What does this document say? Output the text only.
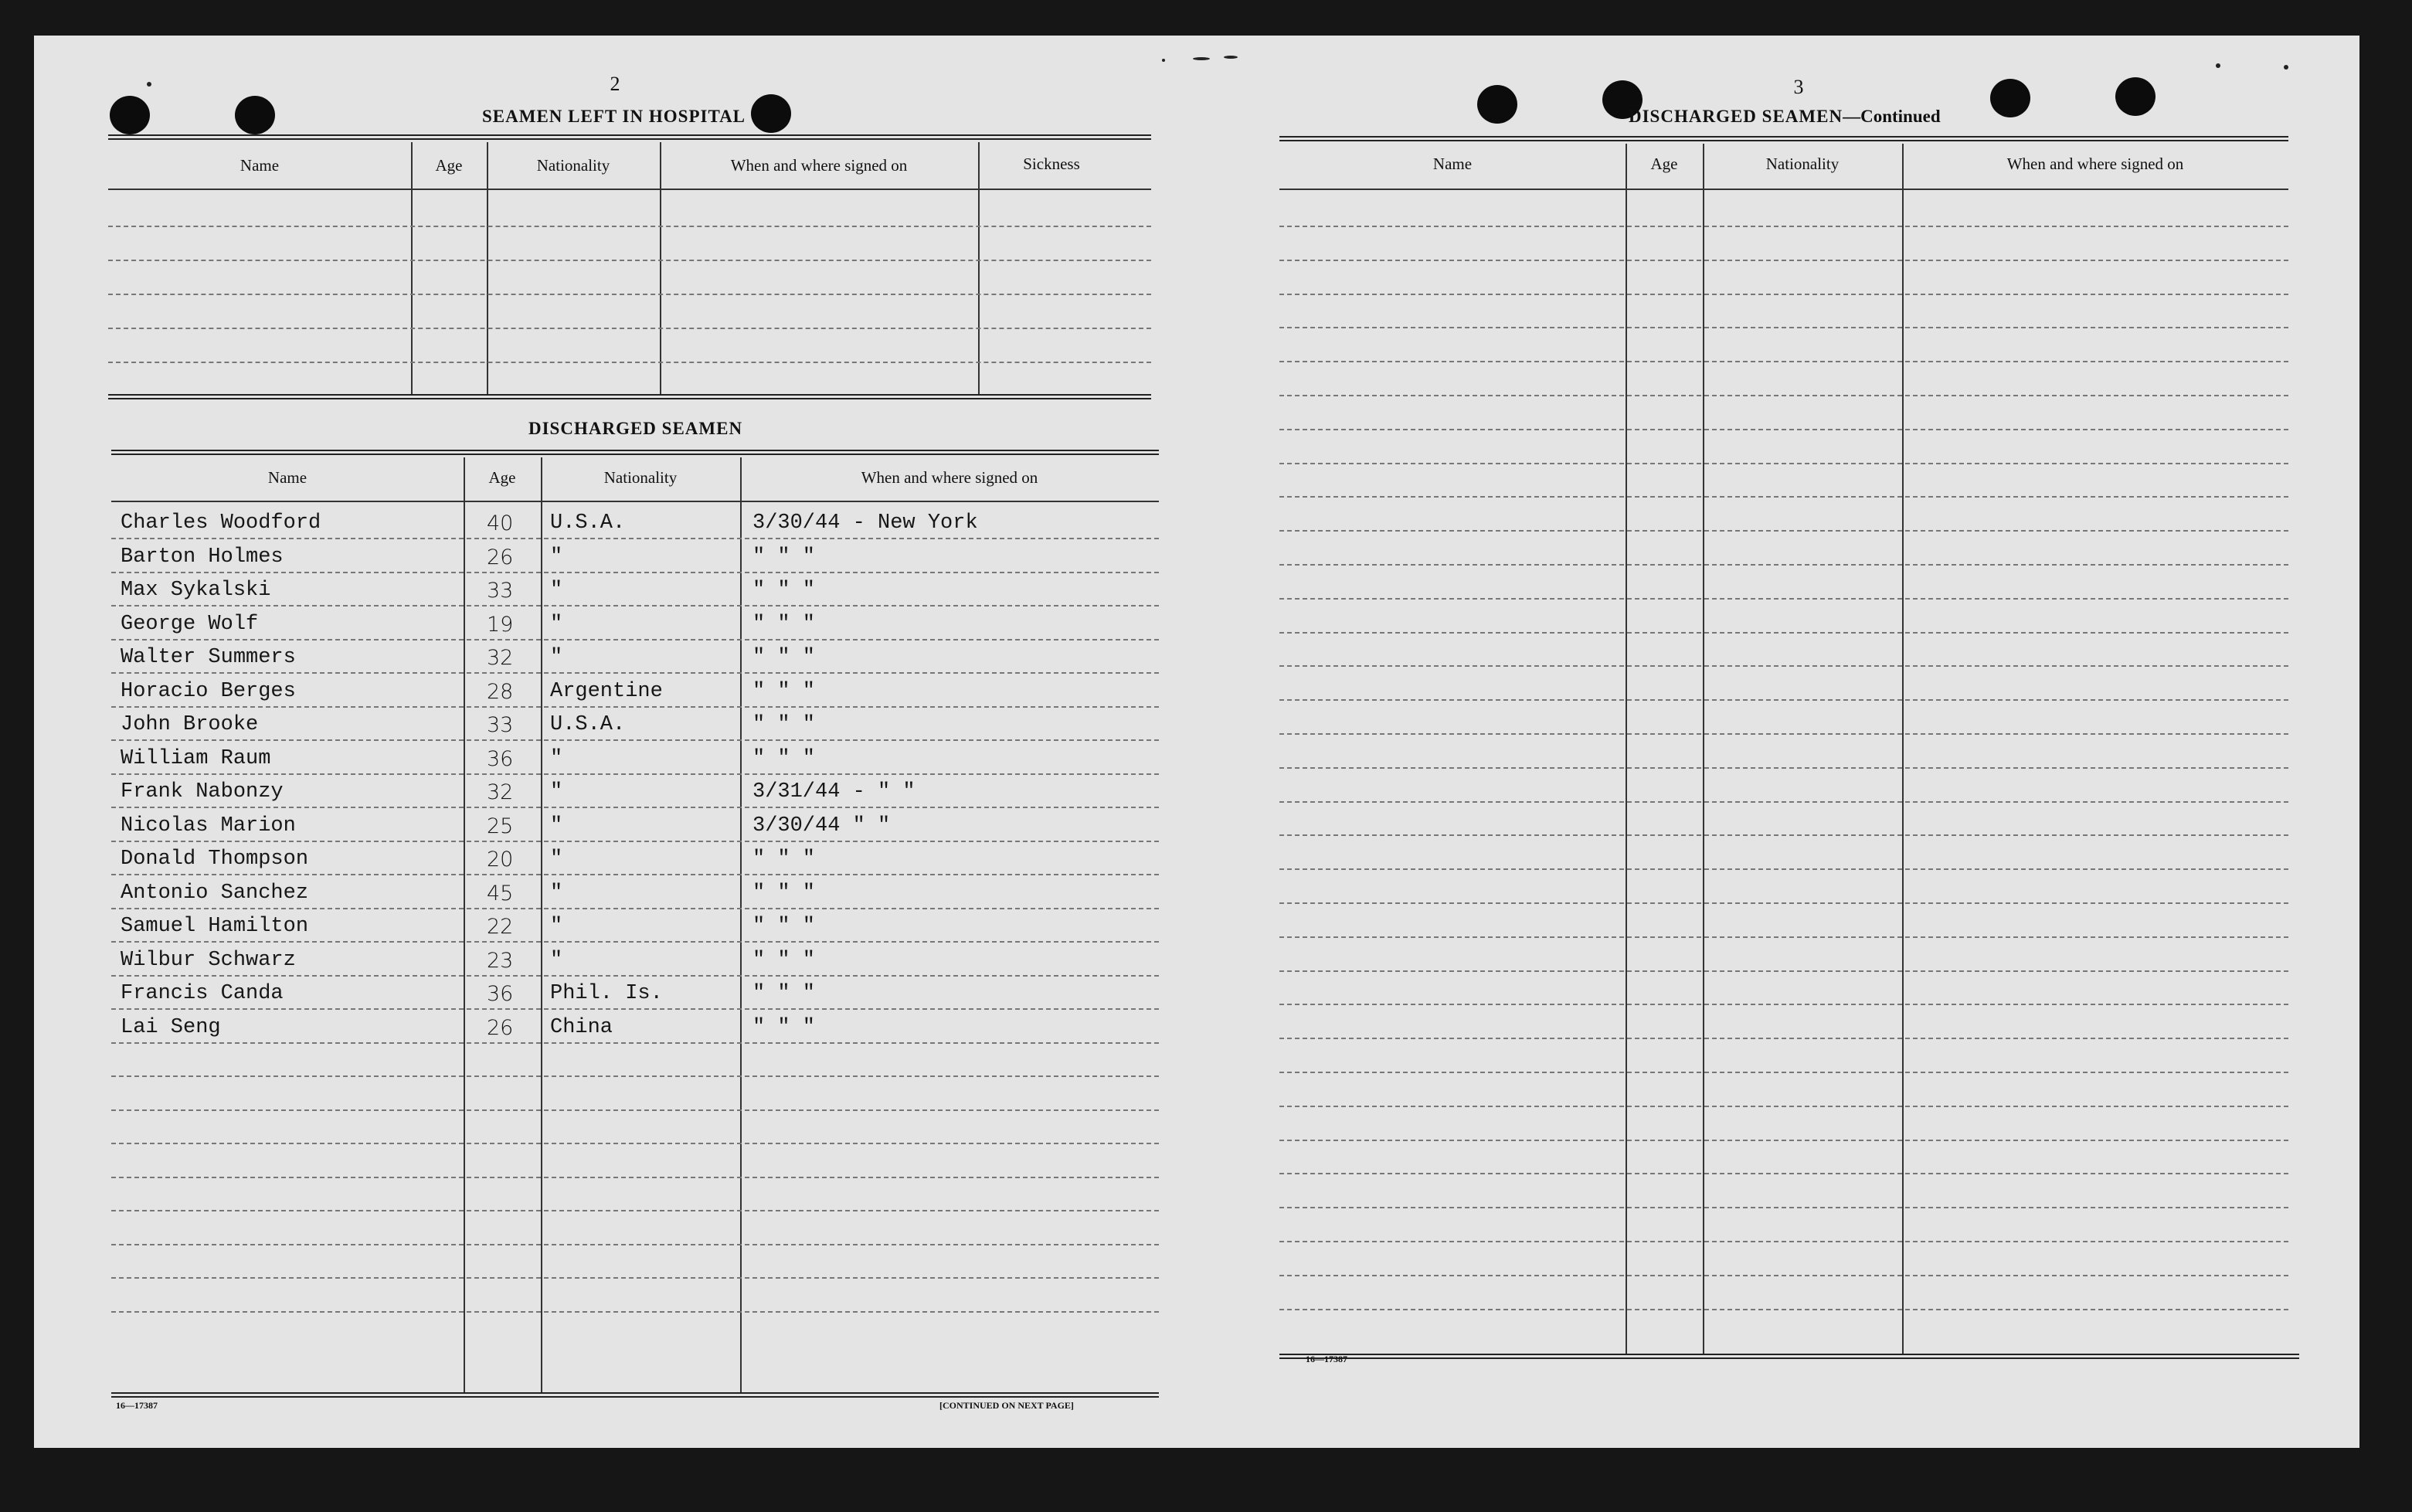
2
SEAMEN LEFT IN HOSPITAL
Name	Age	Nationality	When and where signed on	Sickness
DISCHARGED SEAMEN
Name	Age	Nationality	When and where signed on
Charles Woodford	40 U.S.A.	3/30/44 - New York
Barton Holmes	26 "	" " "
Max Sykalski	33 "	" " "
George Wolf	19 "	" " "
Walter Summers	32 "	" " "
Horacio Berges	28 Argentine	" " "
John Brooke	33 U.S.A.	" " "
William Raum	36 "	" " "
Frank Nabonzy	32 "	3/31/44 - " "
Nicolas Marion	25 "	3/30/44 " "
Donald Thompson	20 "	" " "
Antonio Sanchez	45 "	" " "
Samuel Hamilton	22 "	" " "
Wilbur Schwarz	23 "	" " "
Francis Canda	36 Phil. Is.	" " "
Lai Seng	26 China	" " "
16—17387	[CONTINUED ON NEXT PAGE]
3
DISCHARGED SEAMEN—Continued
Name	Age	Nationality	When and where signed on
16—17387
